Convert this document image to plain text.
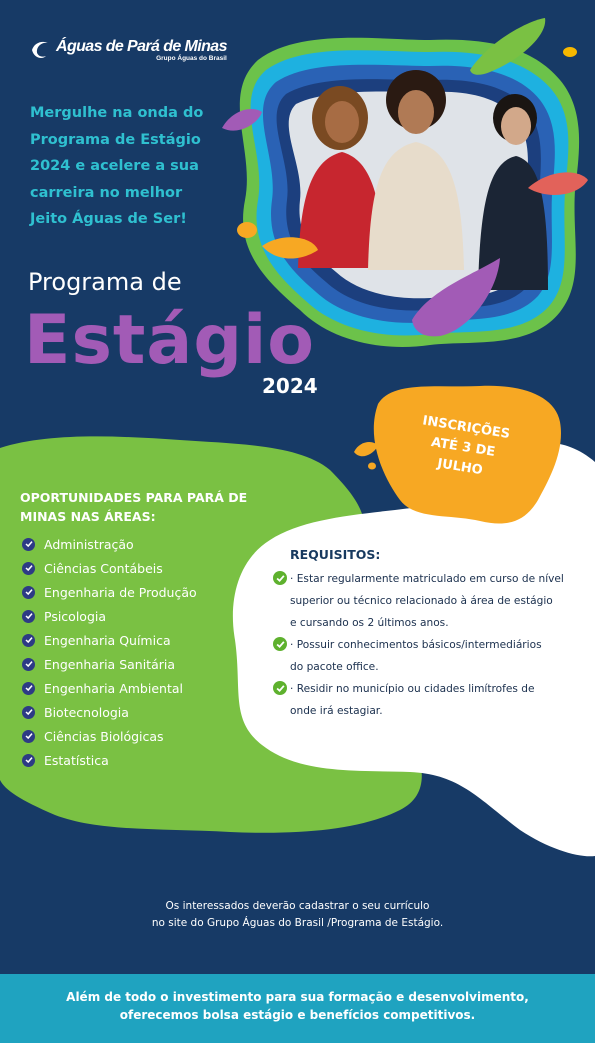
Águas de Pará de Minas
Grupo Águas do Brasil

Mergulhe na onda do
Programa de Estágio
2024 e acelere a sua
carreira no melhor
Jeito Águas de Ser!

Programa de
Estágio
2024
INSCRIÇÕES
ATÉ 3 DE
JULHO

OPORTUNIDADES PARA PARÁ DE MINAS NAS ÁREAS:

Administração
Ciências Contábeis
Engenharia de Produção
Psicologia
Engenharia Química
Engenharia Sanitária
Engenharia Ambiental
Biotecnologia
Ciências Biológicas
Estatística

REQUISITOS:

· Estar regularmente matriculado em curso de nível
superior ou técnico relacionado à área de estágio
e cursando os 2 últimos anos.
· Possuir conhecimentos básicos/intermediários
do pacote office.
· Residir no município ou cidades limítrofes de
onde irá estagiar.
Os interessados deverão cadastrar o seu currículo
no site do Grupo Águas do Brasil /Programa de Estágio.
Além de todo o investimento para sua formação e desenvolvimento,
oferecemos bolsa estágio e benefícios competitivos.
